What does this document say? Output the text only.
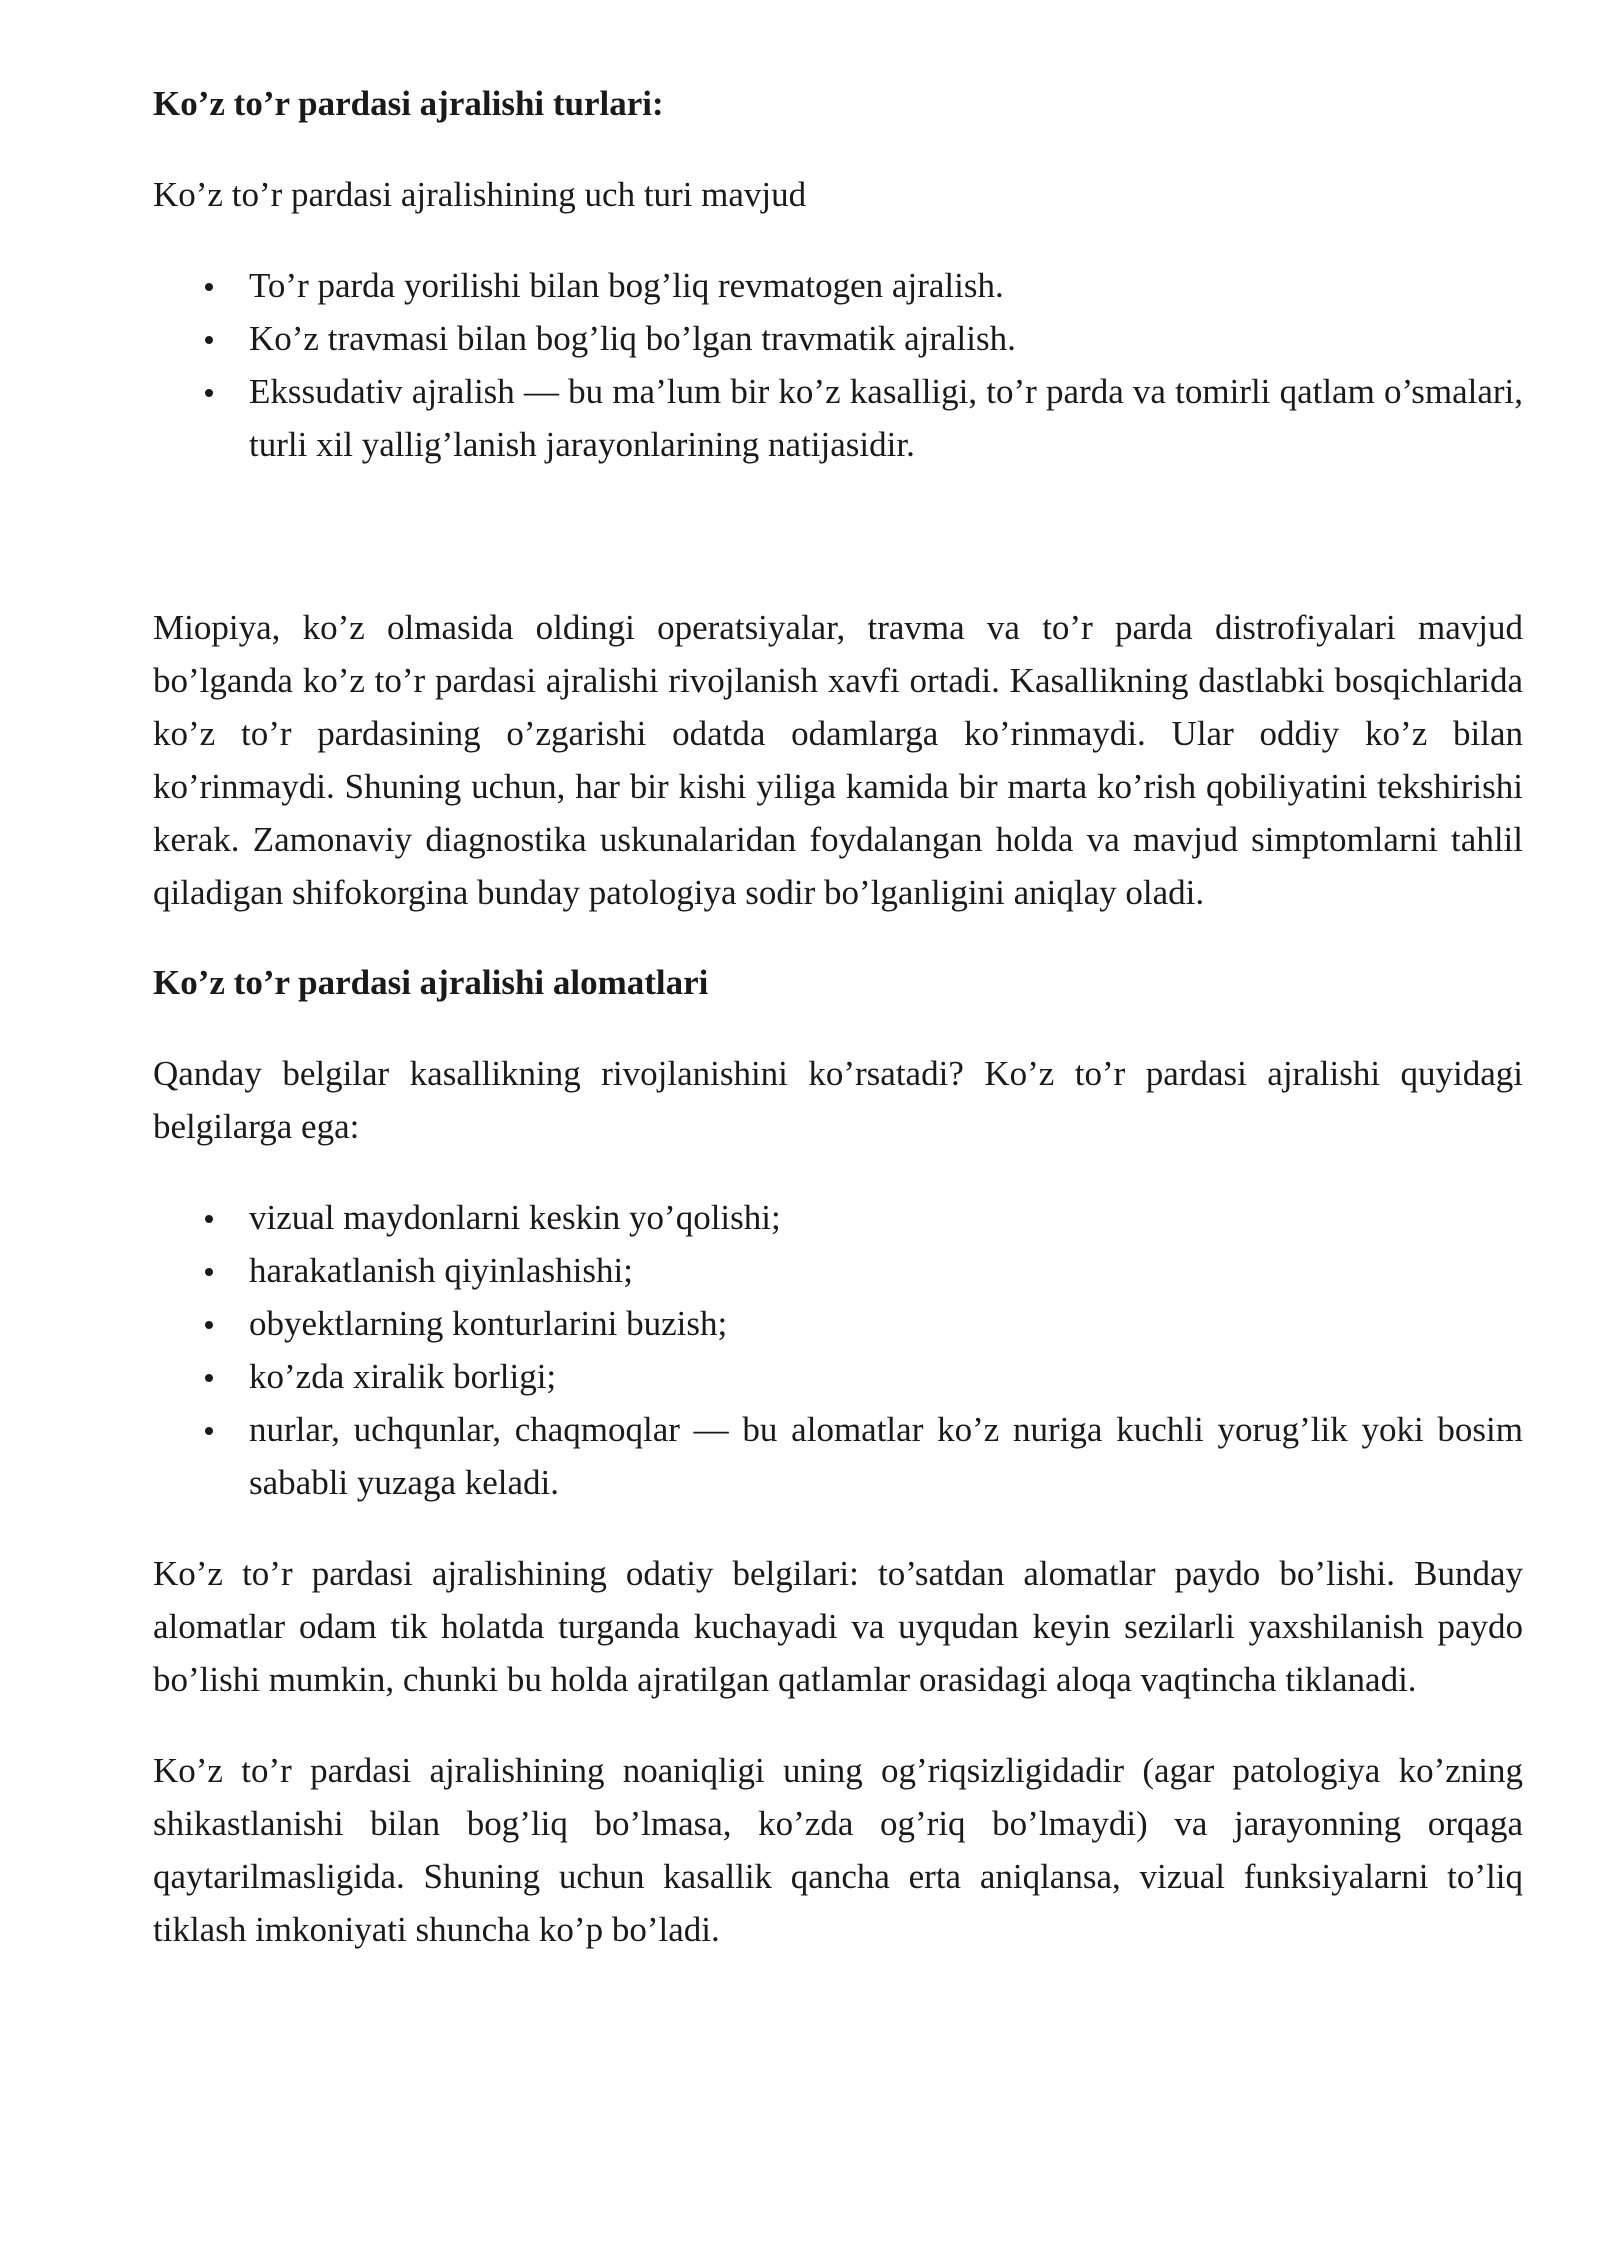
Ko’z to’r pardasi ajralishi turlari:

Ko’z to’r pardasi ajralishining uch turi mavjud

To’r parda yorilishi bilan bog’liq revmatogen ajralish.
Ko’z travmasi bilan bog’liq bo’lgan travmatik ajralish.
Ekssudativ ajralish — bu ma’lum bir ko’z kasalligi, to’r parda va tomirli qatlam o’smalari, turli xil yallig’lanish jarayonlarining natijasidir.

Miopiya, ko’z olmasida oldingi operatsiyalar, travma va to’r parda distrofiyalari mavjud bo’lganda ko’z to’r pardasi ajralishi rivojlanish xavfi ortadi. Kasallikning dastlabki bosqichlarida ko’z to’r pardasining o’zgarishi odatda odamlarga ko’rinmaydi. Ular oddiy ko’z bilan ko’rinmaydi. Shuning uchun, har bir kishi yiliga kamida bir marta ko’rish qobiliyatini tekshirishi kerak. Zamonaviy diagnostika uskunalaridan foydalangan holda va mavjud simptomlarni tahlil qiladigan shifokorgina bunday patologiya sodir bo’lganligini aniqlay oladi.

Ko’z to’r pardasi ajralishi alomatlari

Qanday belgilar kasallikning rivojlanishini ko’rsatadi? Ko’z to’r pardasi ajralishi quyidagi belgilarga ega:

vizual maydonlarni keskin yo’qolishi;
harakatlanish qiyinlashishi;
obyektlarning konturlarini buzish;
ko’zda xiralik borligi;
nurlar, uchqunlar, chaqmoqlar — bu alomatlar ko’z nuriga kuchli yorug’lik yoki bosim sababli yuzaga keladi.

Ko’z to’r pardasi ajralishining odatiy belgilari: to’satdan alomatlar paydo bo’lishi. Bunday alomatlar odam tik holatda turganda kuchayadi va uyqudan keyin sezilarli yaxshilanish paydo bo’lishi mumkin, chunki bu holda ajratilgan qatlamlar orasidagi aloqa vaqtincha tiklanadi.

Ko’z to’r pardasi ajralishining noaniqligi uning og’riqsizligidadir (agar patologiya ko’zning shikastlanishi bilan bog’liq bo’lmasa, ko’zda og’riq bo’lmaydi) va jarayonning orqaga qaytarilmasligida. Shuning uchun kasallik qancha erta aniqlansa, vizual funksiyalarni to’liq tiklash imkoniyati shuncha ko’p bo’ladi.
